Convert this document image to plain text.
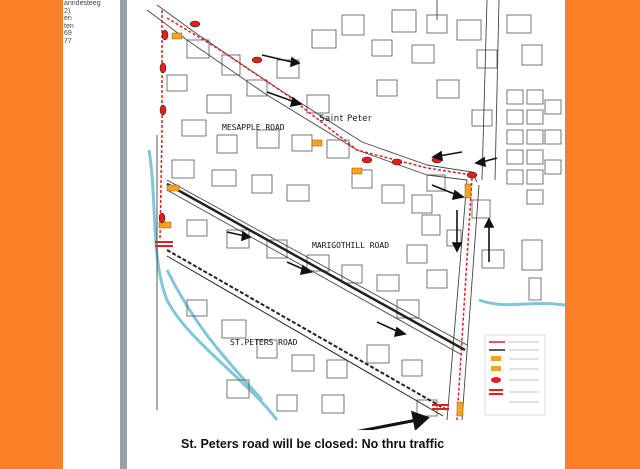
arindesteeg
2)
en
ten
69
77
Saint Peter
MESAPPLE ROAD
MARIGOTHILL ROAD
ST.PETERS ROAD
St. Peters road will be closed: No thru traffic
